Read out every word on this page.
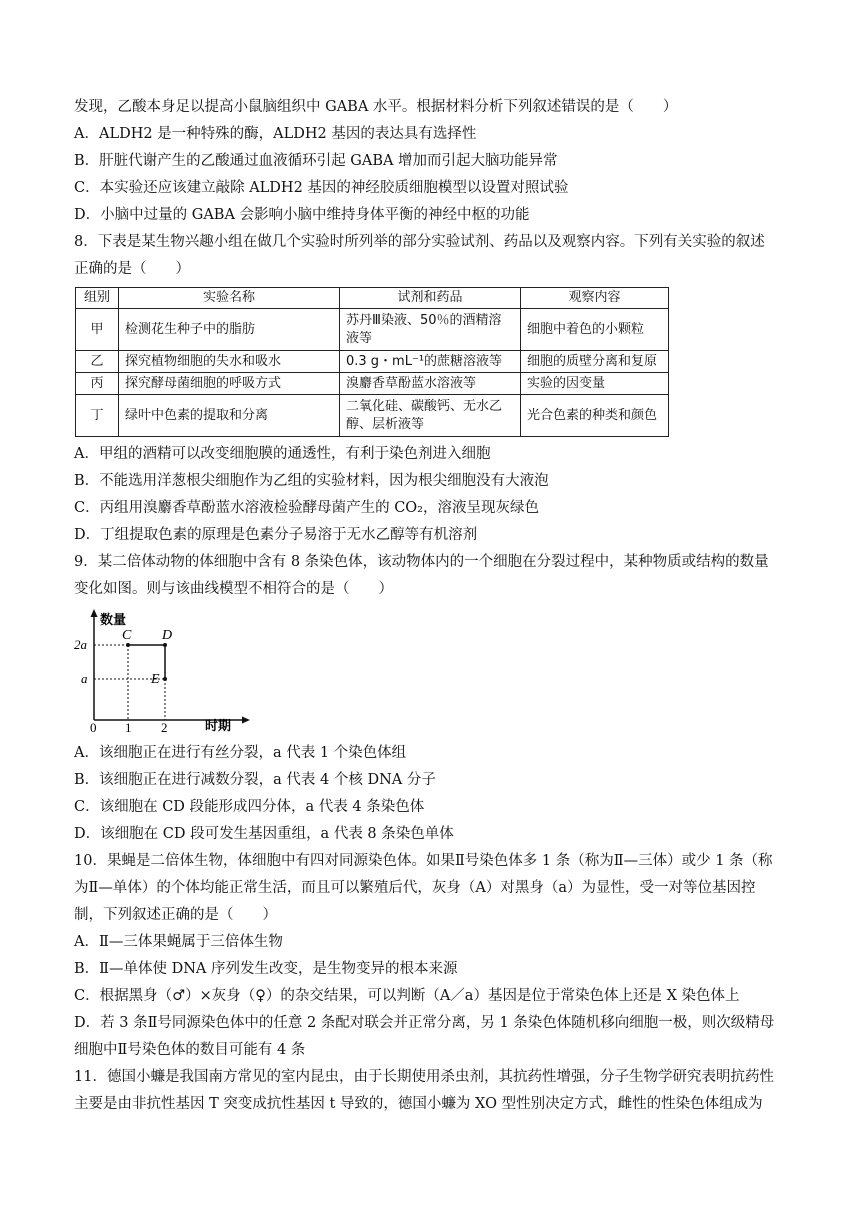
发现，乙酸本身足以提高小鼠脑组织中 GABA 水平。根据材料分析下列叙述错误的是（　　）
A．ALDH2 是一种特殊的酶，ALDH2 基因的表达具有选择性
B．肝脏代谢产生的乙酸通过血液循环引起 GABA 增加而引起大脑功能异常
C．本实验还应该建立敲除 ALDH2 基因的神经胶质细胞模型以设置对照试验
D．小脑中过量的 GABA 会影响小脑中维持身体平衡的神经中枢的功能
8．下表是某生物兴趣小组在做几个实验时所列举的部分实验试剂、药品以及观察内容。下列有关实验的叙述
正确的是（　　）
组别	实验名称	试剂和药品	观察内容
甲	检测花生种子中的脂肪	苏丹Ⅲ染液、50％的酒精溶液等	细胞中着色的小颗粒
乙	探究植物细胞的失水和吸水	0.3 g・mL⁻¹的蔗糖溶液等	细胞的质壁分离和复原
丙	探究酵母菌细胞的呼吸方式	溴麝香草酚蓝水溶液等	实验的因变量
丁	绿叶中色素的提取和分离	二氧化硅、碳酸钙、无水乙醇、层析液等	光合色素的种类和颜色
A．甲组的酒精可以改变细胞膜的通透性，有利于染色剂进入细胞
B．不能选用洋葱根尖细胞作为乙组的实验材料，因为根尖细胞没有大液泡
C．丙组用溴麝香草酚蓝水溶液检验酵母菌产生的 CO₂，溶液呈现灰绿色
D．丁组提取色素的原理是色素分子易溶于无水乙醇等有机溶剂
9．某二倍体动物的体细胞中含有 8 条染色体，该动物体内的一个细胞在分裂过程中，某种物质或结构的数量
变化如图。则与该曲线模型不相符合的是（　　）
数量
时期
2a
a
0 1 2
C D
E
A．该细胞正在进行有丝分裂，a 代表 1 个染色体组
B．该细胞正在进行减数分裂，a 代表 4 个核 DNA 分子
C．该细胞在 CD 段能形成四分体，a 代表 4 条染色体
D．该细胞在 CD 段可发生基因重组，a 代表 8 条染色单体
10．果蝇是二倍体生物，体细胞中有四对同源染色体。如果Ⅱ号染色体多 1 条（称为Ⅱ—三体）或少 1 条（称
为Ⅱ—单体）的个体均能正常生活，而且可以繁殖后代，灰身（A）对黑身（a）为显性，受一对等位基因控
制，下列叙述正确的是（　　）
A．Ⅱ—三体果蝇属于三倍体生物
B．Ⅱ—单体使 DNA 序列发生改变，是生物变异的根本来源
C．根据黑身（♂）×灰身（♀）的杂交结果，可以判断（A／a）基因是位于常染色体上还是 X 染色体上
D．若 3 条Ⅱ号同源染色体中的任意 2 条配对联会并正常分离，另 1 条染色体随机移向细胞一极，则次级精母
细胞中Ⅱ号染色体的数目可能有 4 条
11．德国小蠊是我国南方常见的室内昆虫，由于长期使用杀虫剂，其抗药性增强，分子生物学研究表明抗药性
主要是由非抗性基因 T 突变成抗性基因 t 导致的，德国小蠊为 XO 型性别决定方式，雌性的性染色体组成为
